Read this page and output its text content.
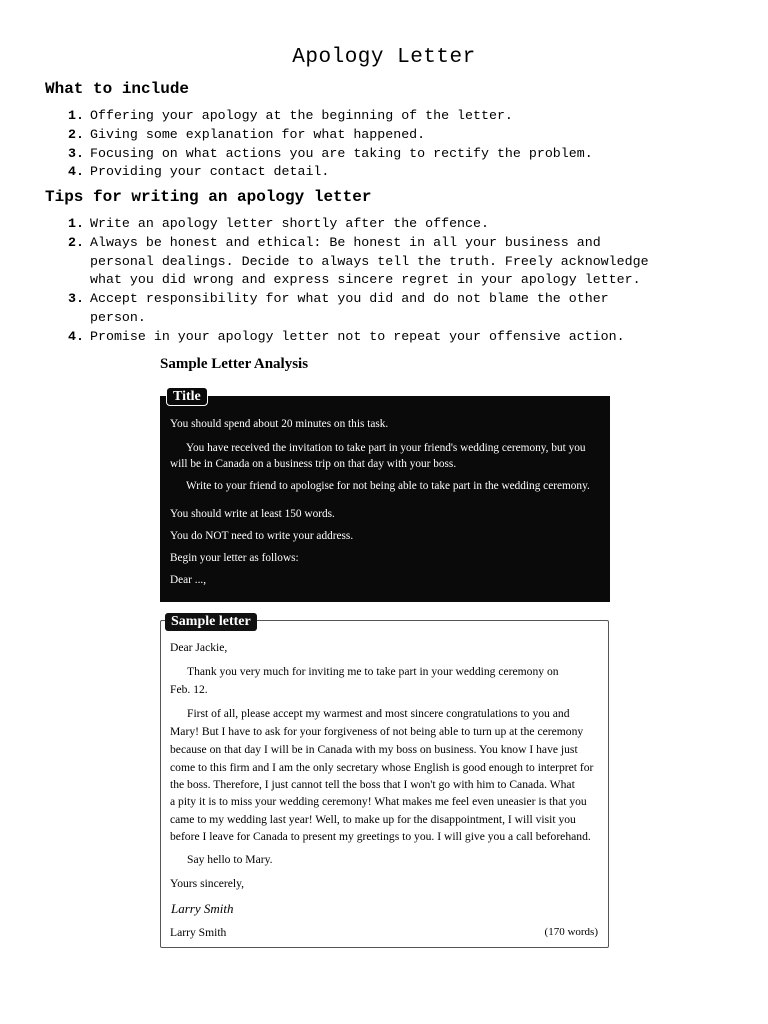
Apology Letter
What to include
1. Offering your apology at the beginning of the letter.
2. Giving some explanation for what happened.
3. Focusing on what actions you are taking to rectify the problem.
4. Providing your contact detail.
Tips for writing an apology letter
1. Write an apology letter shortly after the offence.
2. Always be honest and ethical: Be honest in all your business and
personal dealings. Decide to always tell the truth. Freely acknowledge
what you did wrong and express sincere regret in your apology letter.
3. Accept responsibility for what you did and do not blame the other
person.
4. Promise in your apology letter not to repeat your offensive action.
Sample Letter Analysis
Title
You should spend about 20 minutes on this task.
You have received the invitation to take part in your friend's wedding ceremony, but you
will be in Canada on a business trip on that day with your boss.
Write to your friend to apologise for not being able to take part in the wedding ceremony.
You should write at least 150 words.
You do NOT need to write your address.
Begin your letter as follows:
Dear ...,
Sample letter
Dear Jackie,
Thank you very much for inviting me to take part in your wedding ceremony on
Feb. 12.
First of all, please accept my warmest and most sincere congratulations to you and
Mary! But I have to ask for your forgiveness of not being able to turn up at the ceremony
because on that day I will be in Canada with my boss on business. You know I have just
come to this firm and I am the only secretary whose English is good enough to interpret for
the boss. Therefore, I just cannot tell the boss that I won't go with him to Canada. What
a pity it is to miss your wedding ceremony! What makes me feel even uneasier is that you
came to my wedding last year! Well, to make up for the disappointment, I will visit you
before I leave for Canada to present my greetings to you. I will give you a call beforehand.
Say hello to Mary.
Yours sincerely,
Larry Smith
Larry Smith	(170 words)
